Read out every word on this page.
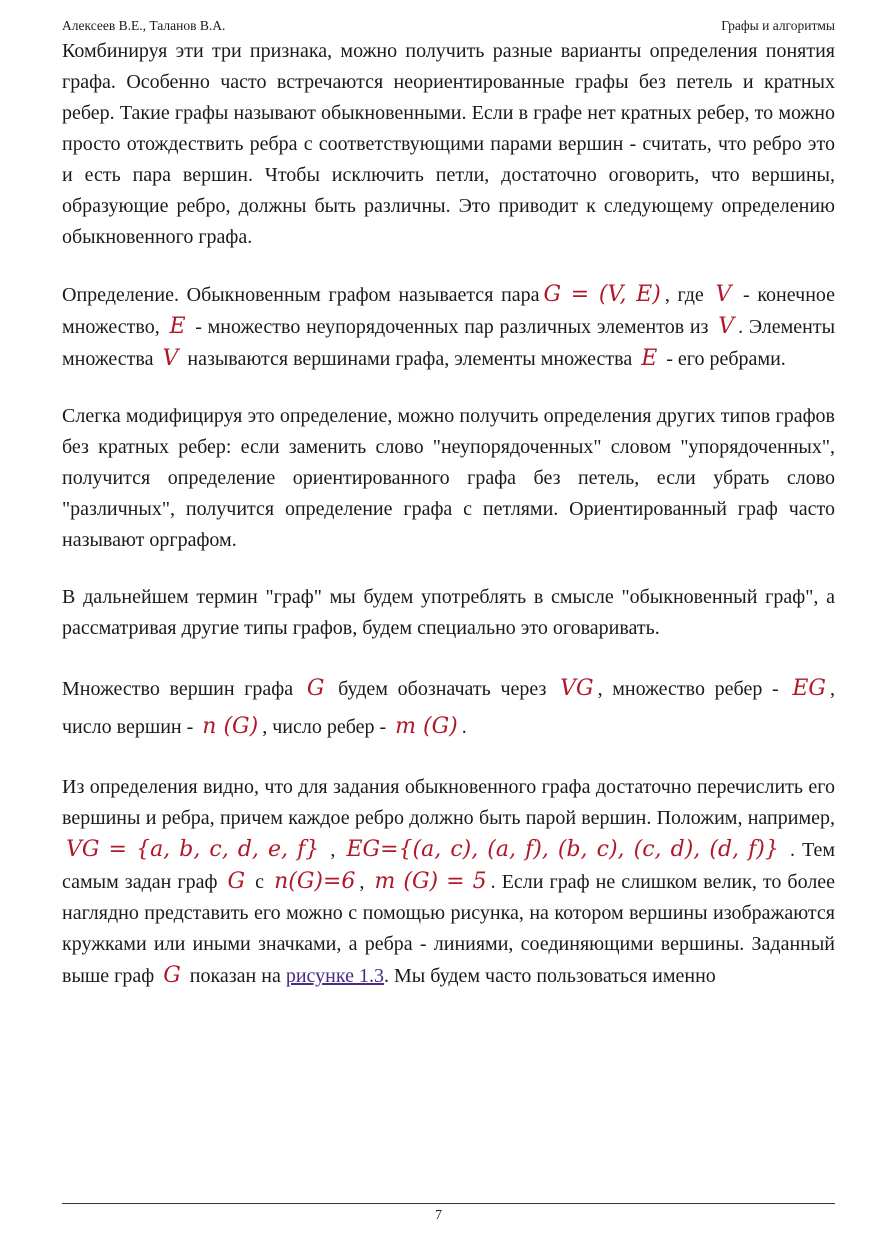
Алексеев В.Е., Таланов В.А.	Графы и алгоритмы

Комбинируя эти три признака, можно получить разные варианты определения понятия графа. Особенно часто встречаются неориентированные графы без петель и кратных ребер. Такие графы называют обыкновенными. Если в графе нет кратных ребер, то можно просто отождествить ребра с соответствующими парами вершин - считать, что ребро это и есть пара вершин. Чтобы исключить петли, достаточно оговорить, что вершины, образующие ребро, должны быть различны. Это приводит к следующему определению обыкновенного графа.

Определение. Обыкновенным графом называется пара G = (V, E) , где V - конечное множество, E - множество неупорядоченных пар различных элементов из V . Элементы множества V называются вершинами графа, элементы множества E - его ребрами.

Слегка модифицируя это определение, можно получить определения других типов графов без кратных ребер: если заменить слово "неупорядоченных" словом "упорядоченных", получится определение ориентированного графа без петель, если убрать слово "различных", получится определение графа с петлями. Ориентированный граф часто называют орграфом.

В дальнейшем термин "граф" мы будем употреблять в смысле "обыкновенный граф", а рассматривая другие типы графов, будем специально это оговаривать.

Множество вершин графа G будем обозначать через VG , множество ребер - EG , число вершин - n (G) , число ребер - m (G) .

Из определения видно, что для задания обыкновенного графа достаточно перечислить его вершины и ребра, причем каждое ребро должно быть парой вершин. Положим, например, VG = {a, b, c, d, e, f} , EG={(a, c), (a, f), (b, c), (c, d), (d, f)} . Тем самым задан граф G с n(G)=6 , m (G) = 5 . Если граф не слишком велик, то более наглядно представить его можно с помощью рисунка, на котором вершины изображаются кружками или иными значками, а ребра - линиями, соединяющими вершины. Заданный выше граф G показан на рисунке 1.3. Мы будем часто пользоваться именно

7
